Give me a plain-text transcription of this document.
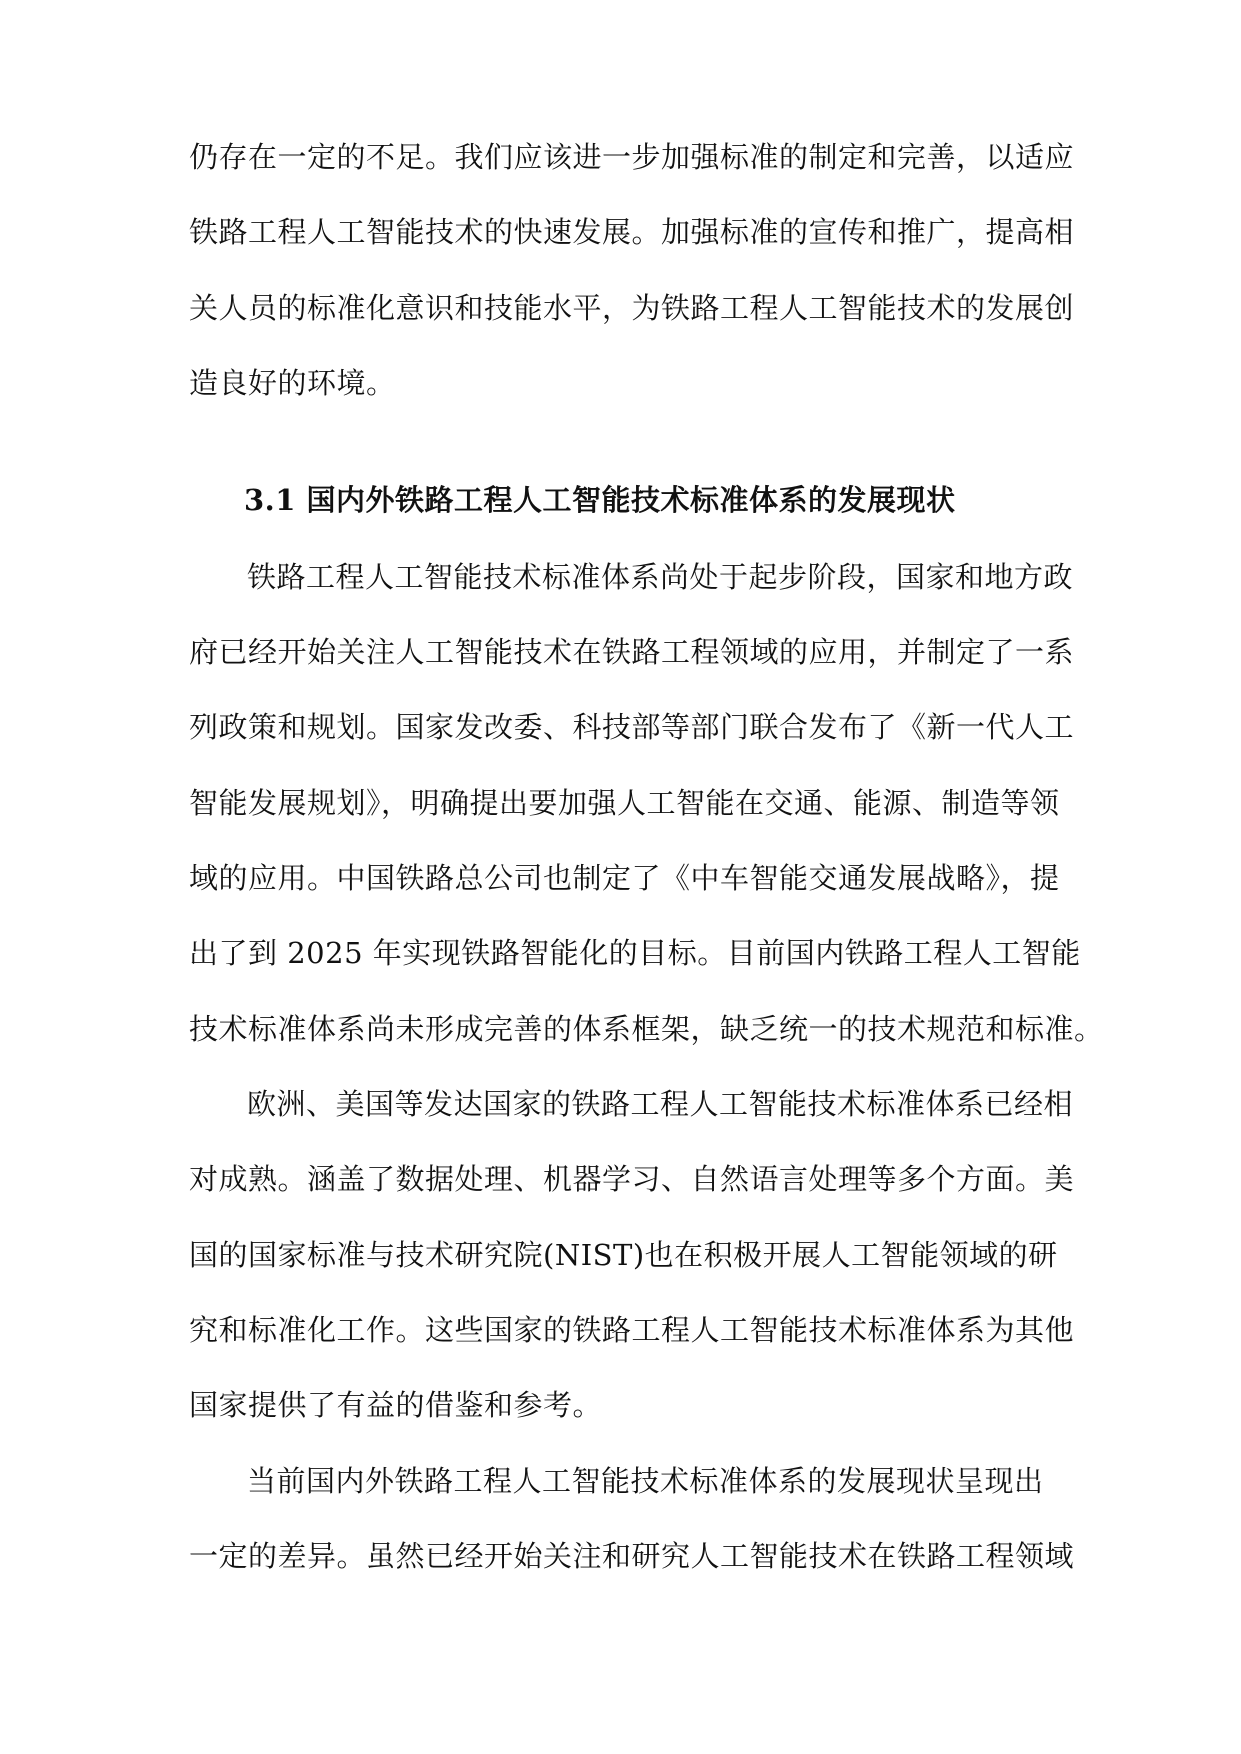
仍存在一定的不足。我们应该进一步加强标准的制定和完善，以适应
铁路工程人工智能技术的快速发展。加强标准的宣传和推广，提高相
关人员的标准化意识和技能水平，为铁路工程人工智能技术的发展创
造良好的环境。
3.1 国内外铁路工程人工智能技术标准体系的发展现状
铁路工程人工智能技术标准体系尚处于起步阶段，国家和地方政
府已经开始关注人工智能技术在铁路工程领域的应用，并制定了一系
列政策和规划。国家发改委、科技部等部门联合发布了《新一代人工
智能发展规划》，明确提出要加强人工智能在交通、能源、制造等领
域的应用。中国铁路总公司也制定了《中车智能交通发展战略》，提
出了到 2025 年实现铁路智能化的目标。目前国内铁路工程人工智能
技术标准体系尚未形成完善的体系框架，缺乏统一的技术规范和标准。
欧洲、美国等发达国家的铁路工程人工智能技术标准体系已经相
对成熟。涵盖了数据处理、机器学习、自然语言处理等多个方面。美
国的国家标准与技术研究院(NIST)也在积极开展人工智能领域的研
究和标准化工作。这些国家的铁路工程人工智能技术标准体系为其他
国家提供了有益的借鉴和参考。
当前国内外铁路工程人工智能技术标准体系的发展现状呈现出
一定的差异。虽然已经开始关注和研究人工智能技术在铁路工程领域
